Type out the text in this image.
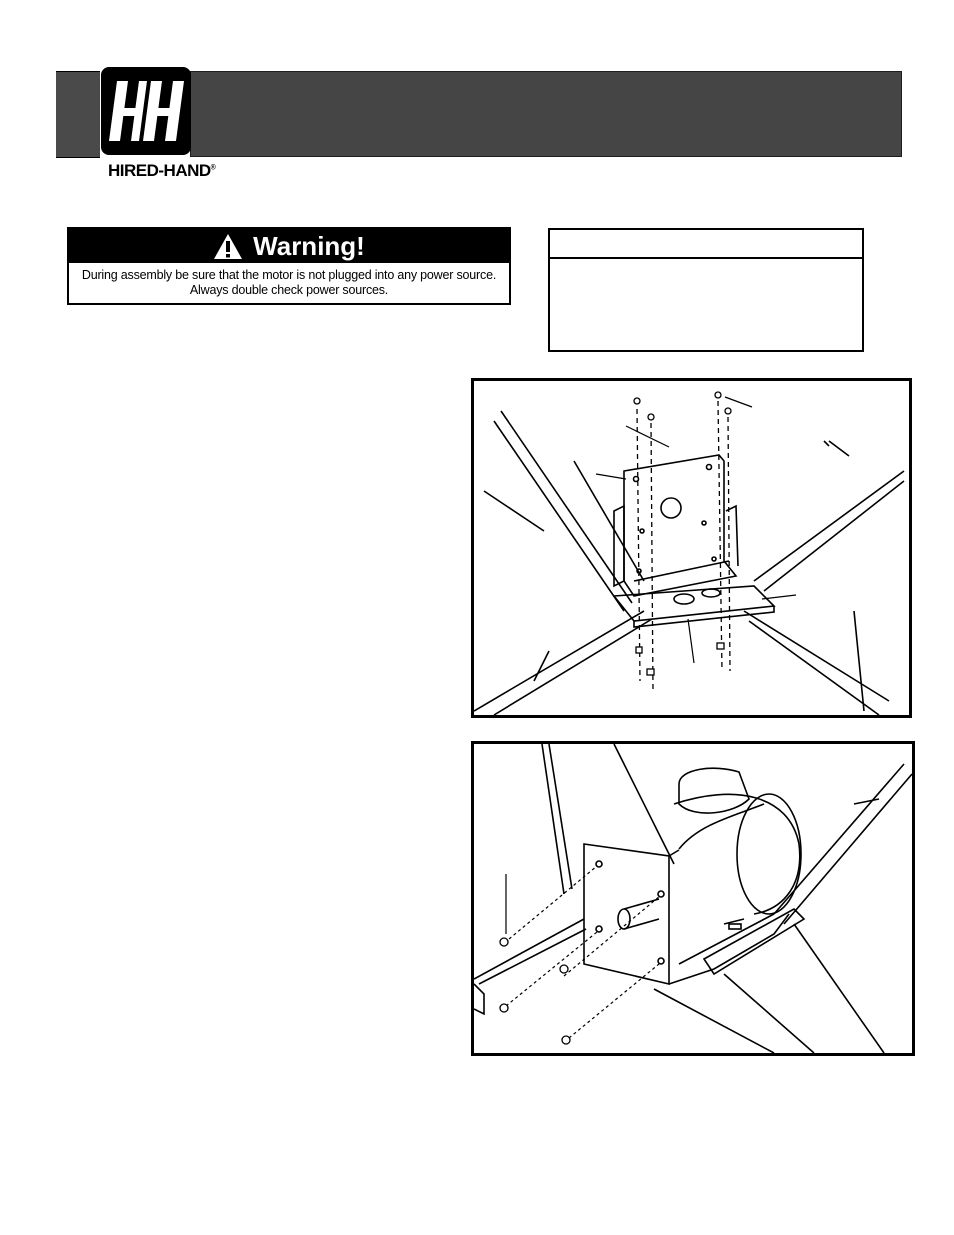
HIRED-HAND®
Warning!
During assembly be sure that the motor is not plugged into any power source.
Always double check power sources.
